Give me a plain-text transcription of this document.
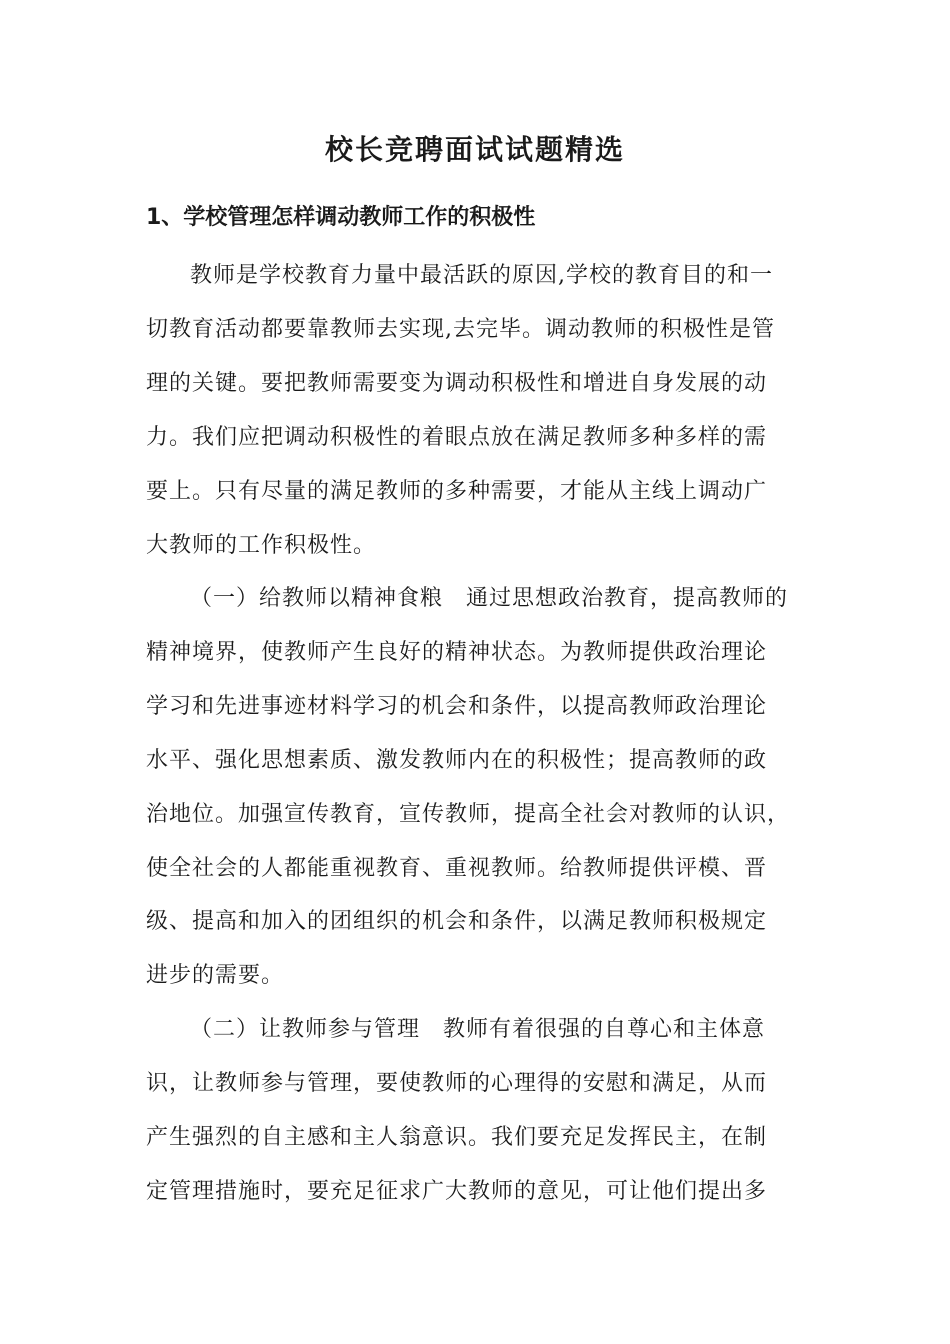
校长竞聘面试试题精选
1、学校管理怎样调动教师工作的积极性
教师是学校教育力量中最活跃的原因,学校的教育目的和一
切教育活动都要靠教师去实现,去完毕。调动教师的积极性是管
理的关键。要把教师需要变为调动积极性和增进自身发展的动
力。我们应把调动积极性的着眼点放在满足教师多种多样的需
要上。只有尽量的满足教师的多种需要，才能从主线上调动广
大教师的工作积极性。
（一）给教师以精神食粮　通过思想政治教育，提高教师的
精神境界，使教师产生良好的精神状态。为教师提供政治理论
学习和先进事迹材料学习的机会和条件，以提高教师政治理论
水平、强化思想素质、激发教师内在的积极性；提高教师的政
治地位。加强宣传教育，宣传教师，提高全社会对教师的认识，
使全社会的人都能重视教育、重视教师。给教师提供评模、晋
级、提高和加入的团组织的机会和条件，以满足教师积极规定
进步的需要。
（二）让教师参与管理　教师有着很强的自尊心和主体意
识，让教师参与管理，要使教师的心理得的安慰和满足，从而
产生强烈的自主感和主人翁意识。我们要充足发挥民主，在制
定管理措施时，要充足征求广大教师的意见，可让他们提出多
